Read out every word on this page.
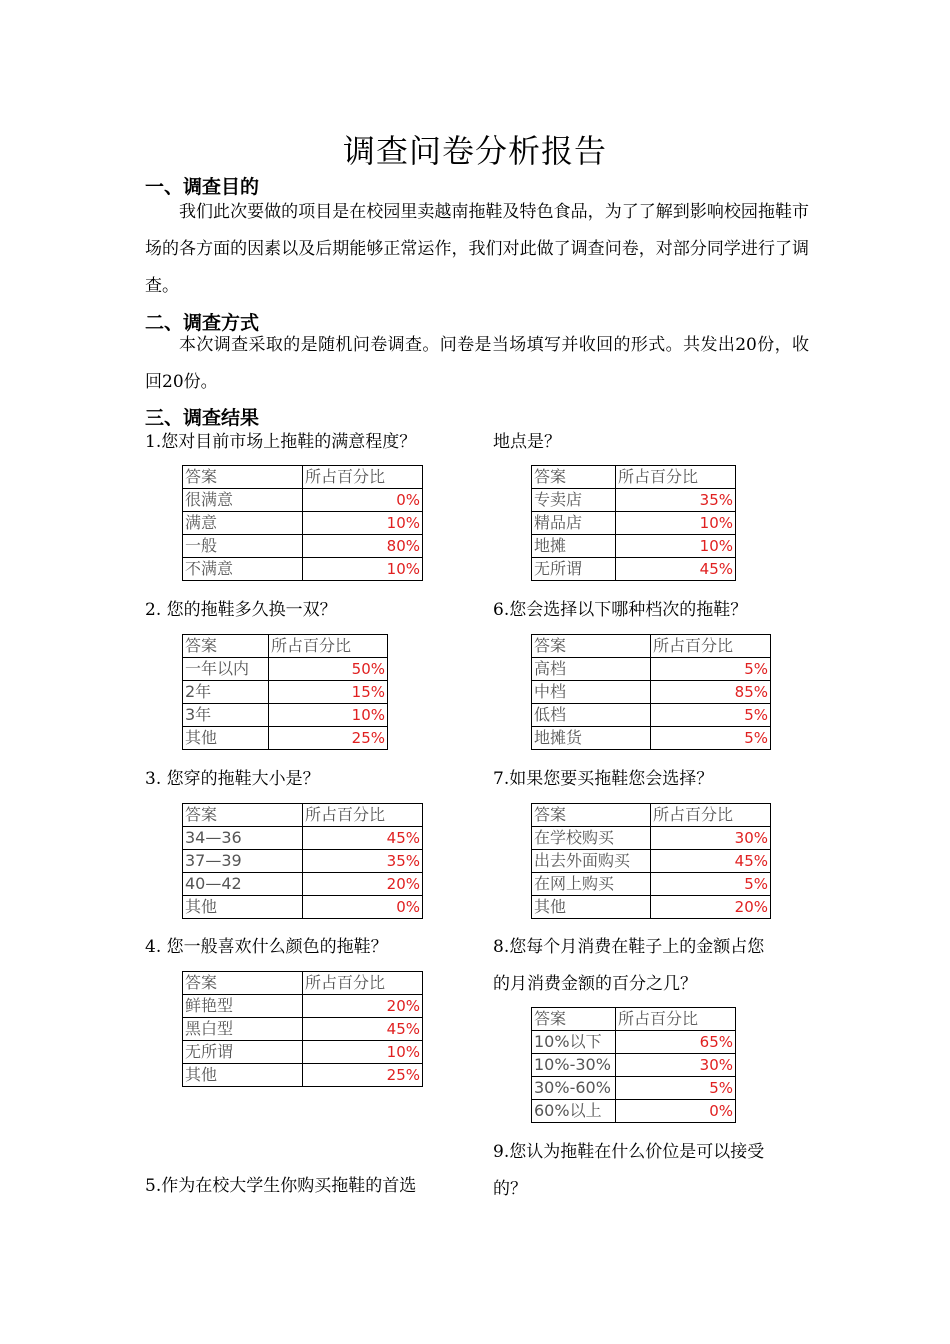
调查问卷分析报告
一、调查目的

我们此次要做的项目是在校园里卖越南拖鞋及特色食品，为了了解到影响校园拖鞋市场的各方面的因素以及后期能够正常运作，我们对此做了调查问卷，对部分同学进行了调查。

二、调查方式

本次调查采取的是随机问卷调查。问卷是当场填写并收回的形式。共发出20份，收回20份。

三、调查结果

1.您对目前市场上拖鞋的满意程度？

答案	所占百分比
很满意	0%
满意	10%
一般	80%
不满意	10%

2. 您的拖鞋多久换一双？

答案	所占百分比
一年以内	50%
2年	15%
3年	10%
其他	25%

3. 您穿的拖鞋大小是？

答案	所占百分比
34—36	45%
37—39	35%
40—42	20%
其他	0%

4. 您一般喜欢什么颜色的拖鞋？

答案	所占百分比
鲜艳型	20%
黑白型	45%
无所谓	10%
其他	25%

5.作为在校大学生你购买拖鞋的首选

地点是？

答案	所占百分比
专卖店	35%
精品店	10%
地摊	10%
无所谓	45%

6.您会选择以下哪种档次的拖鞋？

答案	所占百分比
高档	5%
中档	85%
低档	5%
地摊货	5%

7.如果您要买拖鞋您会选择？

答案	所占百分比
在学校购买	30%
出去外面购买	45%
在网上购买	5%
其他	20%

8.您每个月消费在鞋子上的金额占您

的月消费金额的百分之几？

答案	所占百分比
10%以下	65%
10%-30%	30%
30%-60%	5%
60%以上	0%

9.您认为拖鞋在什么价位是可以接受

的？
